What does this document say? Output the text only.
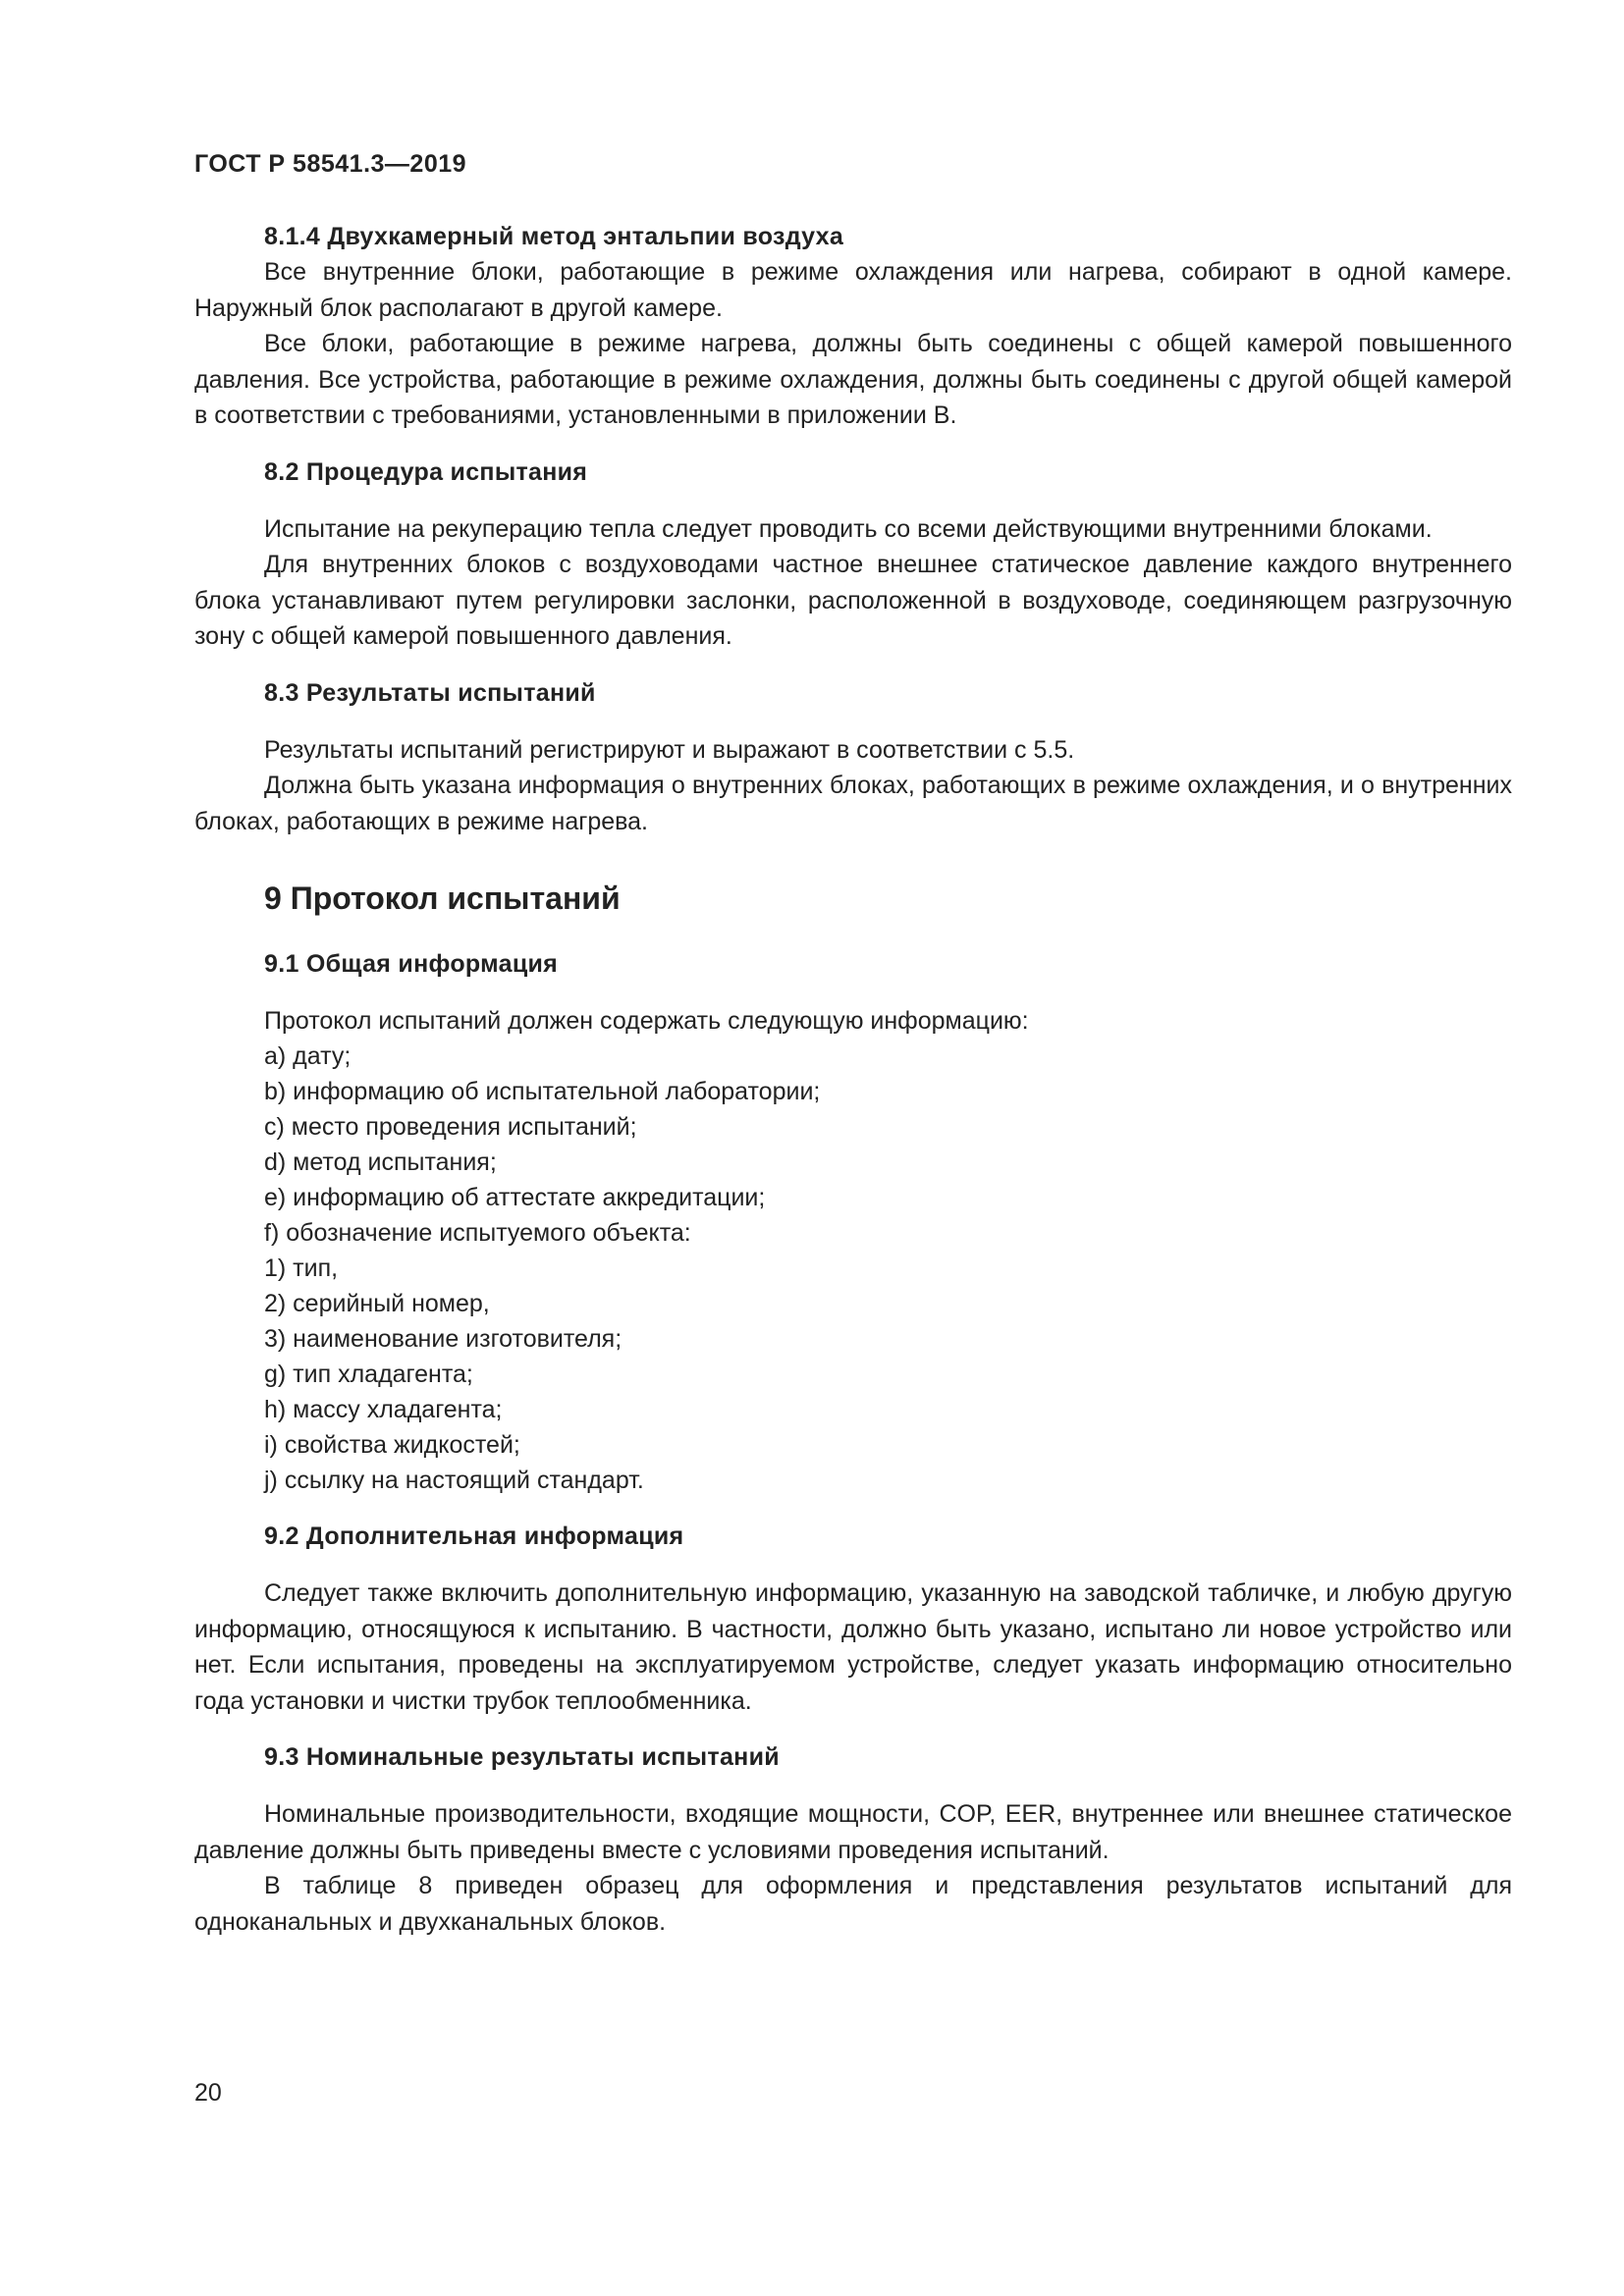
ГОСТ Р 58541.3—2019

8.1.4 Двухкамерный метод энтальпии воздуха

Все внутренние блоки, работающие в режиме охлаждения или нагрева, собирают в одной камере. Наружный блок располагают в другой камере.

Все блоки, работающие в режиме нагрева, должны быть соединены с общей камерой повышенного давления. Все устройства, работающие в режиме охлаждения, должны быть соединены с другой общей камерой в соответствии с требованиями, установленными в приложении В.

8.2 Процедура испытания

Испытание на рекуперацию тепла следует проводить со всеми действующими внутренними блоками.

Для внутренних блоков с воздуховодами частное внешнее статическое давление каждого внутреннего блока устанавливают путем регулировки заслонки, расположенной в воздуховоде, соединяющем разгрузочную зону с общей камерой повышенного давления.

8.3 Результаты испытаний

Результаты испытаний регистрируют и выражают в соответствии с 5.5.

Должна быть указана информация о внутренних блоках, работающих в режиме охлаждения, и о внутренних блоках, работающих в режиме нагрева.

9 Протокол испытаний

9.1 Общая информация

Протокол испытаний должен содержать следующую информацию:

a) дату;

b) информацию об испытательной лаборатории;

c) место проведения испытаний;

d) метод испытания;

e) информацию об аттестате аккредитации;

f) обозначение испытуемого объекта:

1) тип,

2) серийный номер,

3) наименование изготовителя;

g) тип хладагента;

h) массу хладагента;

i) свойства жидкостей;

j) ссылку на настоящий стандарт.

9.2 Дополнительная информация

Следует также включить дополнительную информацию, указанную на заводской табличке, и любую другую информацию, относящуюся к испытанию. В частности, должно быть указано, испытано ли новое устройство или нет. Если испытания, проведены на эксплуатируемом устройстве, следует указать информацию относительно года установки и чистки трубок теплообменника.

9.3 Номинальные результаты испытаний

Номинальные производительности, входящие мощности, COP, EER, внутреннее или внешнее статическое давление должны быть приведены вместе с условиями проведения испытаний.

В таблице 8 приведен образец для оформления и представления результатов испытаний для одноканальных и двухканальных блоков.

20
